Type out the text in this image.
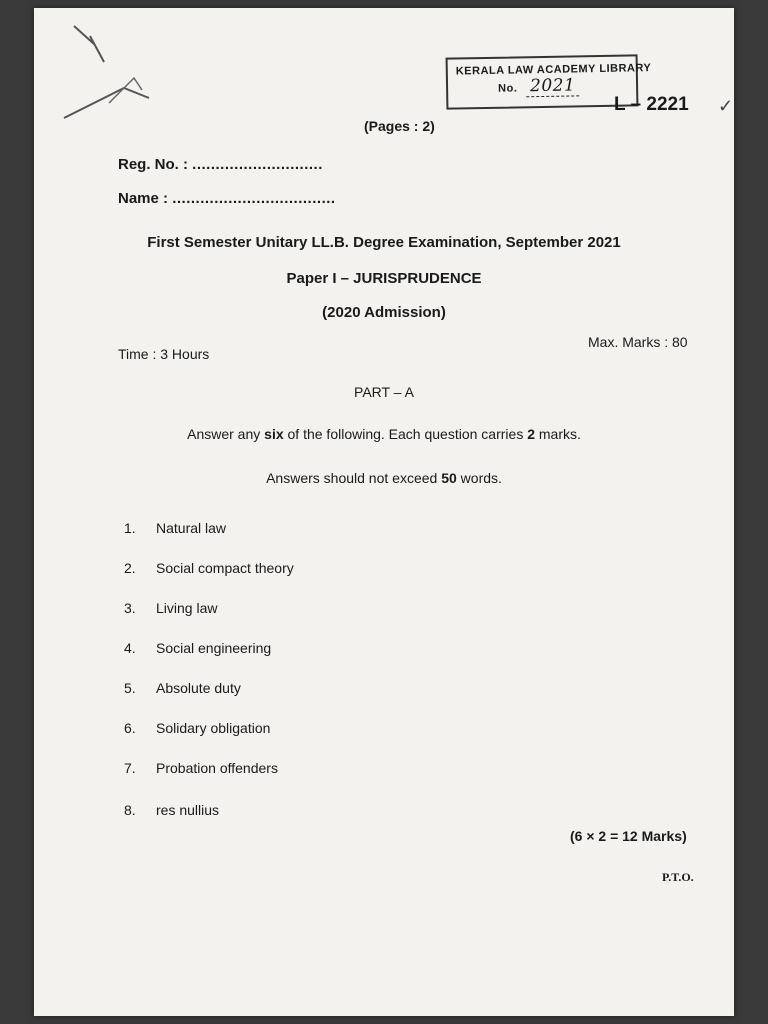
KERALA LAW ACADEMY LIBRARY
No. 2021
L – 2221 ✓
(Pages : 2)
Reg. No. : ............................
Name : ...................................
First Semester Unitary LL.B. Degree Examination, September 2021
Paper I – JURISPRUDENCE
(2020 Admission)
Time : 3 Hours
Max. Marks : 80
PART – A
Answer any six of the following. Each question carries 2 marks.
Answers should not exceed 50 words.
1. Natural law
2. Social compact theory
3. Living law
4. Social engineering
5. Absolute duty
6. Solidary obligation
7. Probation offenders
8. res nullius
(6 × 2 = 12 Marks)
P.T.O.
